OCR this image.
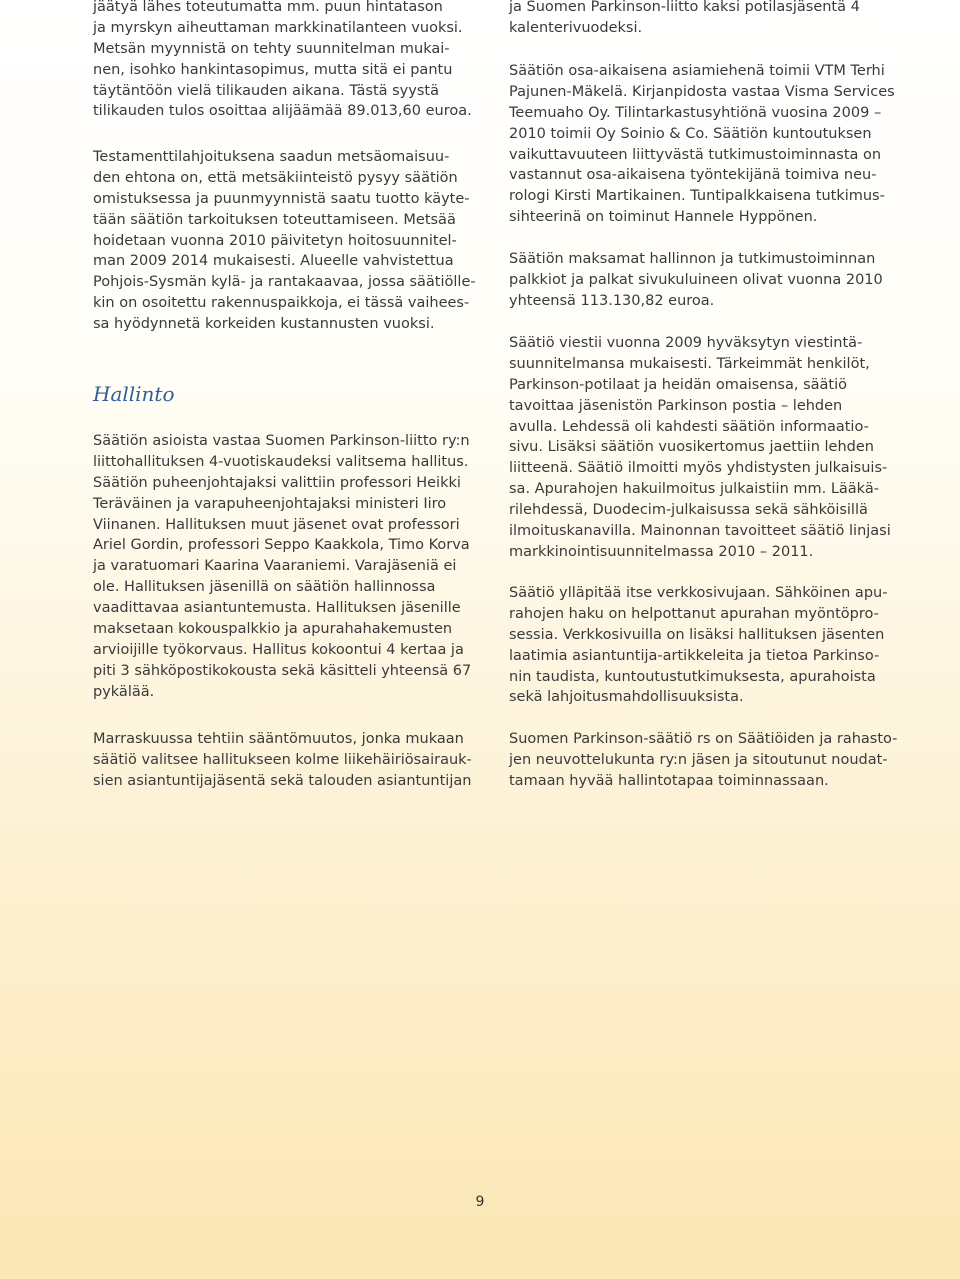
jäätyä lähes toteutumatta mm. puun hintatason
ja myrskyn aiheuttaman markkinatilanteen vuoksi.
Metsän myynnistä on tehty suunnitelman mukai-
nen, isohko hankintasopimus, mutta sitä ei pantu
täytäntöön vielä tilikauden aikana. Tästä syystä
tilikauden tulos osoittaa alijäämää 89.013,60 euroa.
Testamenttilahjoituksena saadun metsäomaisuu-
den ehtona on, että metsäkiinteistö pysyy säätiön
omistuksessa ja puunmyynnistä saatu tuotto käyte-
tään säätiön tarkoituksen toteuttamiseen. Metsää
hoidetaan vuonna 2010 päivitetyn hoitosuunnitel-
man 2009 2014 mukaisesti. Alueelle vahvistettua
Pohjois-Sysmän kylä- ja rantakaavaa, jossa säätiölle-
kin on osoitettu rakennuspaikkoja, ei tässä vaihees-
sa hyödynnetä korkeiden kustannusten vuoksi.
Säätiön asioista vastaa Suomen Parkinson-liitto ry:n
liittohallituksen 4-vuotiskaudeksi valitsema hallitus.
Säätiön puheenjohtajaksi valittiin professori Heikki
Teräväinen ja varapuheenjohtajaksi ministeri Iiro
Viinanen. Hallituksen muut jäsenet ovat professori
Ariel Gordin, professori Seppo Kaakkola, Timo Korva
ja varatuomari Kaarina Vaaraniemi. Varajäseniä ei
ole. Hallituksen jäsenillä on säätiön hallinnossa
vaadittavaa asiantuntemusta. Hallituksen jäsenille
maksetaan kokouspalkkio ja apurahahakemusten
arvioijille työkorvaus. Hallitus kokoontui 4 kertaa ja
piti 3 sähköpostikokousta sekä käsitteli yhteensä 67
pykälää.
Marraskuussa tehtiin sääntömuutos, jonka mukaan
säätiö valitsee hallitukseen kolme liikehäiriösairauk-
sien asiantuntijajäsentä sekä talouden asiantuntijan
Hallinto
ja Suomen Parkinson-liitto kaksi potilasjäsentä 4
kalenterivuodeksi.
Säätiön osa-aikaisena asiamiehenä toimii VTM Terhi
Pajunen-Mäkelä. Kirjanpidosta vastaa Visma Services
Teemuaho Oy. Tilintarkastusyhtiönä vuosina 2009 –
2010 toimii Oy Soinio & Co. Säätiön kuntoutuksen
vaikuttavuuteen liittyvästä tutkimustoiminnasta on
vastannut osa-aikaisena työntekijänä toimiva neu-
rologi Kirsti Martikainen. Tuntipalkkaisena tutkimus-
sihteerinä on toiminut Hannele Hyppönen.
Säätiön maksamat hallinnon ja tutkimustoiminnan
palkkiot ja palkat sivukuluineen olivat vuonna 2010
yhteensä 113.130,82 euroa.
Säätiö viestii vuonna 2009 hyväksytyn viestintä-
suunnitelmansa mukaisesti. Tärkeimmät henkilöt,
Parkinson-potilaat ja heidän omaisensa, säätiö
tavoittaa jäsenistön Parkinson postia – lehden
avulla. Lehdessä oli kahdesti säätiön informaatio-
sivu. Lisäksi säätiön vuosikertomus jaettiin lehden
liitteenä. Säätiö ilmoitti myös yhdistysten julkaisuis-
sa. Apurahojen hakuilmoitus julkaistiin mm. Lääkä-
rilehdessä, Duodecim-julkaisussa sekä sähköisillä
ilmoituskanavilla. Mainonnan tavoitteet säätiö linjasi
markkinointisuunnitelmassa 2010 – 2011.
Säätiö ylläpitää itse verkkosivujaan. Sähköinen apu-
rahojen haku on helpottanut apurahan myöntöpro-
sessia. Verkkosivuilla on lisäksi hallituksen jäsenten
laatimia asiantuntija-artikkeleita ja tietoa Parkinso-
nin taudista, kuntoutustutkimuksesta, apurahoista
sekä lahjoitusmahdollisuuksista.
Suomen Parkinson-säätiö rs on Säätiöiden ja rahasto-
jen neuvottelukunta ry:n jäsen ja sitoutunut noudat-
tamaan hyvää hallintotapaa toiminnassaan.
9
